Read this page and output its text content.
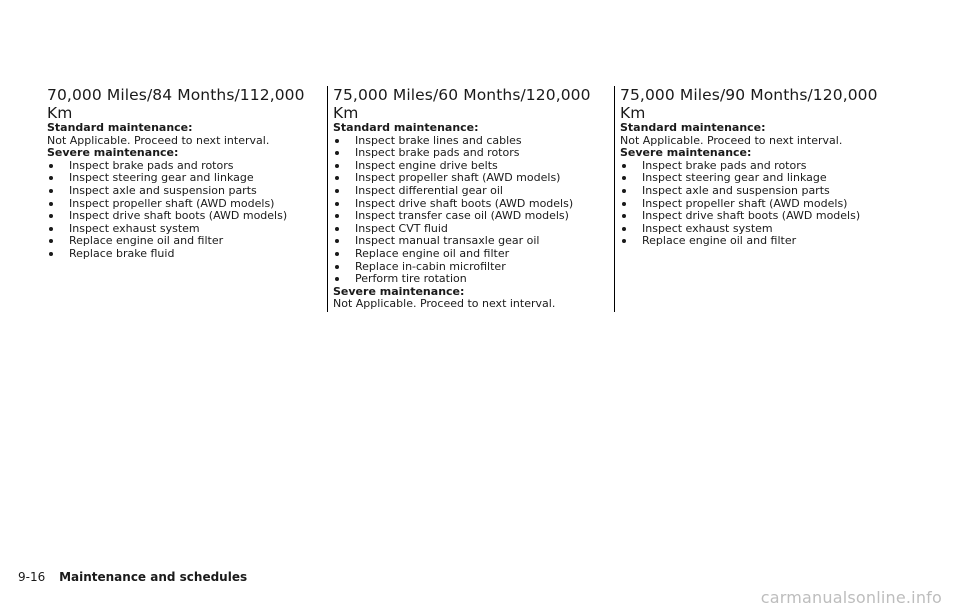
70,000 Miles/84 Months/112,000
Km

Standard maintenance:

Not Applicable. Proceed to next interval.

Severe maintenance:

Inspect brake pads and rotors
Inspect steering gear and linkage
Inspect axle and suspension parts
Inspect propeller shaft (AWD models)
Inspect drive shaft boots (AWD models)
Inspect exhaust system
Replace engine oil and filter
Replace brake fluid
75,000 Miles/60 Months/120,000
Km

Standard maintenance:

Inspect brake lines and cables
Inspect brake pads and rotors
Inspect engine drive belts
Inspect propeller shaft (AWD models)
Inspect differential gear oil
Inspect drive shaft boots (AWD models)
Inspect transfer case oil (AWD models)
Inspect CVT fluid
Inspect manual transaxle gear oil
Replace engine oil and filter
Replace in-cabin microfilter
Perform tire rotation

Severe maintenance:

Not Applicable. Proceed to next interval.

75,000 Miles/90 Months/120,000
Km

Standard maintenance:

Not Applicable. Proceed to next interval.

Severe maintenance:

Inspect brake pads and rotors
Inspect steering gear and linkage
Inspect axle and suspension parts
Inspect propeller shaft (AWD models)
Inspect drive shaft boots (AWD models)
Inspect exhaust system
Replace engine oil and filter
9-16 Maintenance and schedules
carmanualsonline.info
